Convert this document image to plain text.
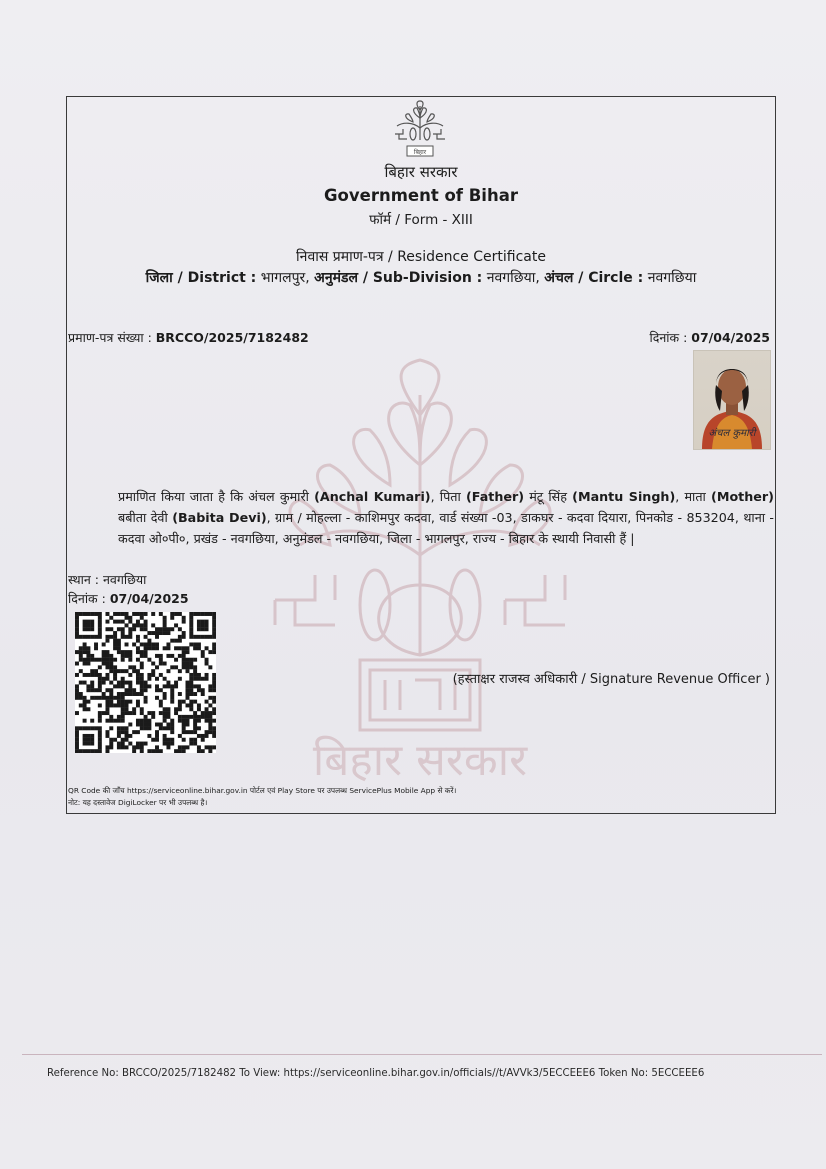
बिहार सरकार
बिहार
बिहार सरकार
Government of Bihar
फॉर्म / Form - XIII
निवास प्रमाण-पत्र / Residence Certificate
जिला / District : भागलपुर, अनुमंडल / Sub-Division : नवगछिया, अंचल / Circle : नवगछिया
प्रमाण-पत्र संख्या : BRCCO/2025/7182482	दिनांक : 07/04/2025
अंचल कुमारी
प्रमाणित किया जाता है कि अंचल कुमारी (Anchal Kumari), पिता (Father) मंटू सिंह (Mantu Singh), माता (Mother) बबीता देवी (Babita Devi), ग्राम / मोहल्ला - काशिमपुर कदवा, वार्ड संख्या -03, डाकघर - कदवा दियारा, पिनकोड - 853204, थाना - कदवा ओ०पी०, प्रखंड - नवगछिया, अनुमंडल - नवगछिया, जिला - भागलपुर, राज्य - बिहार के स्थायी निवासी हैं |
स्थान : नवगछिया
दिनांक : 07/04/2025
(हस्ताक्षर राजस्व अधिकारी / Signature Revenue Officer )
QR Code की जाँच https://serviceonline.bihar.gov.in पोर्टल एवं Play Store पर उपलब्ध ServicePlus Mobile App से करें।
नोट: यह दस्तावेज DigiLocker पर भी उपलब्ध है।
Reference No: BRCCO/2025/7182482 To View: https://serviceonline.bihar.gov.in/officials//t/AVVk3/5ECCEEE6 Token No: 5ECCEEE6
